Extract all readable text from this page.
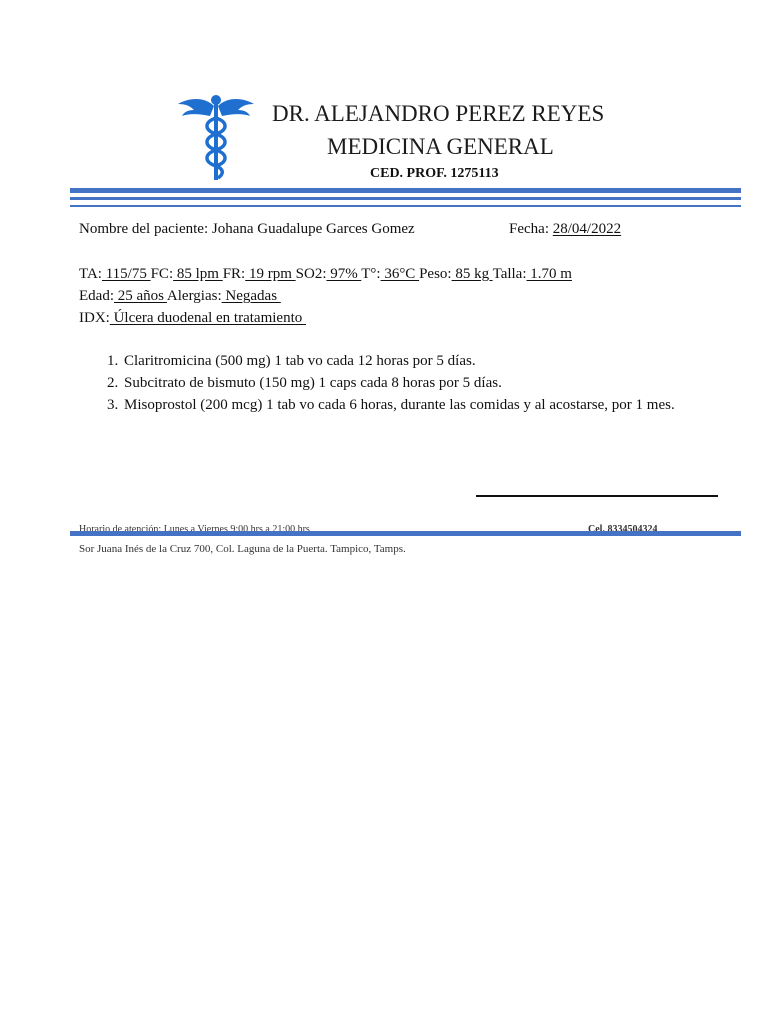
DR. ALEJANDRO PEREZ REYES
MEDICINA GENERAL
CED. PROF. 1275113
Nombre del paciente: Johana Guadalupe Garces Gomez	Fecha: 28/04/2022
TA: 115/75 FC: 85 lpm FR: 19 rpm SO2: 97% T°: 36°C Peso: 85 kg Talla: 1.70 m
Edad: 25 años Alergias: Negadas
IDX: Úlcera duodenal en tratamiento
1. Claritromicina (500 mg) 1 tab vo cada 12 horas por 5 días.
2. Subcitrato de bismuto (150 mg) 1 caps cada 8 horas por 5 días.
3. Misoprostol (200 mcg) 1 tab vo cada 6 horas, durante las comidas y al acostarse, por 1 mes.
Horario de atención: Lunes a Viernes 9:00 hrs a 21:00 hrs	Cel. 8334504324
Sor Juana Inés de la Cruz 700, Col. Laguna de la Puerta. Tampico, Tamps.
